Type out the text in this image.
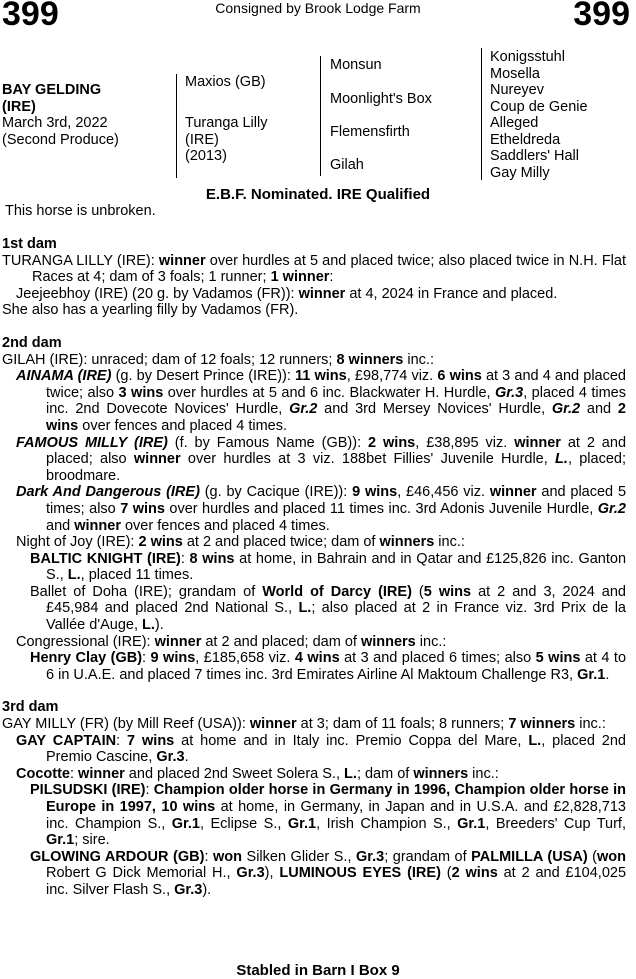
399	Consigned by Brook Lodge Farm	399
BAY GELDING
(IRE)
March 3rd, 2022
(Second Produce)
Maxios (GB)
Turanga Lilly
(IRE)
(2013)
Monsun
Moonlight's Box
Flemensfirth
Gilah
Konigsstuhl
Mosella
Nureyev
Coup de Genie
Alleged
Etheldreda
Saddlers' Hall
Gay Milly
E.B.F. Nominated. IRE Qualified
This horse is unbroken.
1st dam

TURANGA LILLY (IRE): winner over hurdles at 5 and placed twice; also placed twice in N.H. Flat Races at 4; dam of 3 foals; 1 runner; 1 winner:

Jeejeebhoy (IRE) (20 g. by Vadamos (FR)): winner at 4, 2024 in France and placed.

She also has a yearling filly by Vadamos (FR).

2nd dam

GILAH (IRE): unraced; dam of 12 foals; 12 runners; 8 winners inc.:

AINAMA (IRE) (g. by Desert Prince (IRE)): 11 wins, £98,774 viz. 6 wins at 3 and 4 and placed twice; also 3 wins over hurdles at 5 and 6 inc. Blackwater H. Hurdle, Gr.3, placed 4 times inc. 2nd Dovecote Novices' Hurdle, Gr.2 and 3rd Mersey Novices' Hurdle, Gr.2 and 2 wins over fences and placed 4 times.

FAMOUS MILLY (IRE) (f. by Famous Name (GB)): 2 wins, £38,895 viz. winner at 2 and placed; also winner over hurdles at 3 viz. 188bet Fillies' Juvenile Hurdle, L., placed; broodmare.

Dark And Dangerous (IRE) (g. by Cacique (IRE)): 9 wins, £46,456 viz. winner and placed 5 times; also 7 wins over hurdles and placed 11 times inc. 3rd Adonis Juvenile Hurdle, Gr.2 and winner over fences and placed 4 times.

Night of Joy (IRE): 2 wins at 2 and placed twice; dam of winners inc.:

BALTIC KNIGHT (IRE): 8 wins at home, in Bahrain and in Qatar and £125,826 inc. Ganton S., L., placed 11 times.

Ballet of Doha (IRE); grandam of World of Darcy (IRE) (5 wins at 2 and 3, 2024 and £45,984 and placed 2nd National S., L.; also placed at 2 in France viz. 3rd Prix de la Vallée d'Auge, L.).

Congressional (IRE): winner at 2 and placed; dam of winners inc.:

Henry Clay (GB): 9 wins, £185,658 viz. 4 wins at 3 and placed 6 times; also 5 wins at 4 to 6 in U.A.E. and placed 7 times inc. 3rd Emirates Airline Al Maktoum Challenge R3, Gr.1.

3rd dam

GAY MILLY (FR) (by Mill Reef (USA)): winner at 3; dam of 11 foals; 8 runners; 7 winners inc.:

GAY CAPTAIN: 7 wins at home and in Italy inc. Premio Coppa del Mare, L., placed 2nd Premio Cascine, Gr.3.

Cocotte: winner and placed 2nd Sweet Solera S., L.; dam of winners inc.:

PILSUDSKI (IRE): Champion older horse in Germany in 1996, Champion older horse in Europe in 1997, 10 wins at home, in Germany, in Japan and in U.S.A. and £2,828,713 inc. Champion S., Gr.1, Eclipse S., Gr.1, Irish Champion S., Gr.1, Breeders' Cup Turf, Gr.1; sire.

GLOWING ARDOUR (GB): won Silken Glider S., Gr.3; grandam of PALMILLA (USA) (won Robert G Dick Memorial H., Gr.3), LUMINOUS EYES (IRE) (2 wins at 2 and £104,025 inc. Silver Flash S., Gr.3).

Stabled in Barn I Box 9
